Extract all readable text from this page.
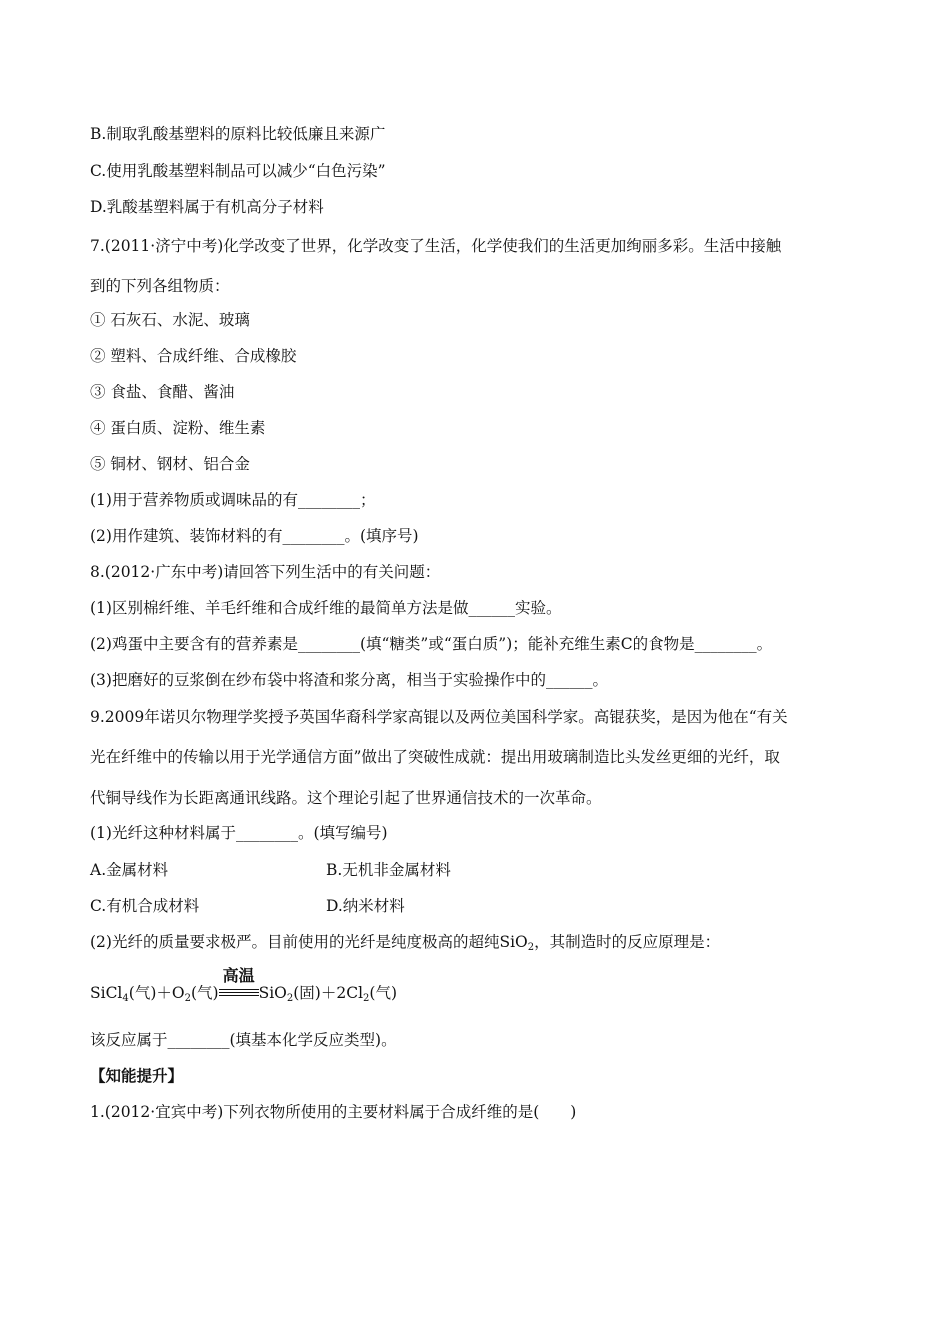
B.制取乳酸基塑料的原料比较低廉且来源广
C.使用乳酸基塑料制品可以减少“白色污染”
D.乳酸基塑料属于有机高分子材料
7.(2011·济宁中考)化学改变了世界，化学改变了生活，化学使我们的生活更加绚丽多彩。生活中接触
到的下列各组物质：
① 石灰石、水泥、玻璃
② 塑料、合成纤维、合成橡胶
③ 食盐、食醋、酱油
④ 蛋白质、淀粉、维生素
⑤ 铜材、钢材、铝合金
(1)用于营养物质或调味品的有________；
(2)用作建筑、装饰材料的有________。(填序号)
8.(2012·广东中考)请回答下列生活中的有关问题：
(1)区别棉纤维、羊毛纤维和合成纤维的最简单方法是做______实验。
(2)鸡蛋中主要含有的营养素是________(填“糖类”或“蛋白质”)；能补充维生素C的食物是________。
(3)把磨好的豆浆倒在纱布袋中将渣和浆分离，相当于实验操作中的______。
9.2009年诺贝尔物理学奖授予英国华裔科学家高锟以及两位美国科学家。高锟获奖，是因为他在“有关
光在纤维中的传输以用于光学通信方面”做出了突破性成就：提出用玻璃制造比头发丝更细的光纤，取
代铜导线作为长距离通讯线路。这个理论引起了世界通信技术的一次革命。
(1)光纤这种材料属于________。(填写编号)
A.金属材料	B.无机非金属材料
C.有机合成材料	D.纳米材料
(2)光纤的质量要求极严。目前使用的光纤是纯度极高的超纯SiO$_2$，其制造时的反应原理是：
SiCl$_4$(气)$+O_2$(气)
高温
SiO$_2$(固)$+2Cl_2$(气)
该反应属于________(填基本化学反应类型)。
【知能提升】
1.(2012·宜宾中考)下列衣物所使用的主要材料属于合成纤维的是(　　)
